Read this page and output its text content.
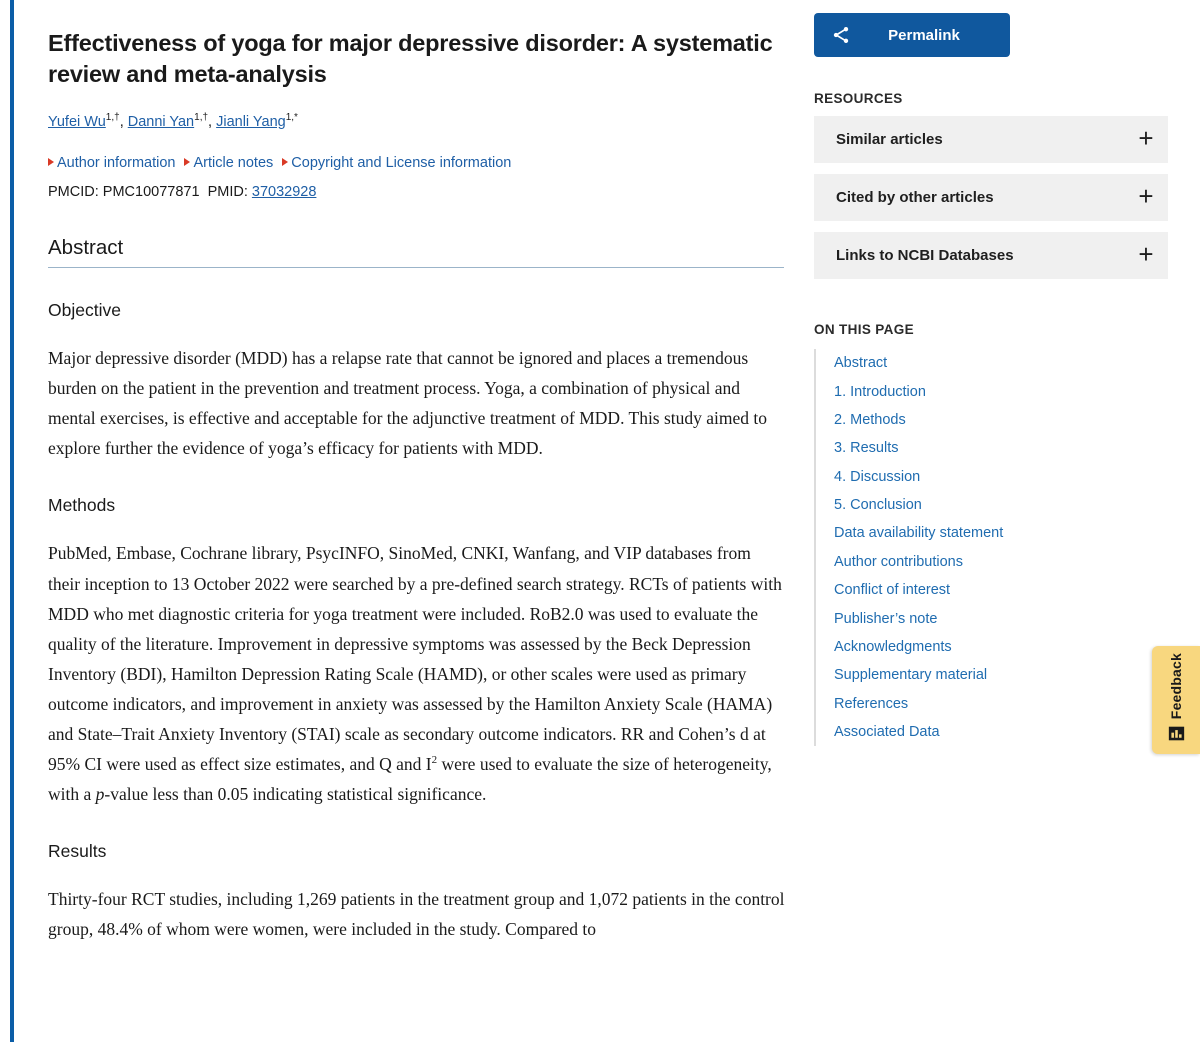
Effectiveness of yoga for major depressive disorder: A systematic review and meta-analysis
Yufei $Wu^{1,\dagger}$, Danni Yan$^{1,\dagger}$, Jianli Yang$^{1,*}$
Author information Article notes Copyright and License information
PMCID: PMC10077871 PMID: 37032928
Abstract
Objective

Major depressive disorder (MDD) has a relapse rate that cannot be ignored and places a tremendous burden on the patient in the prevention and treatment process. Yoga, a combination of physical and mental exercises, is effective and acceptable for the adjunctive treatment of MDD. This study aimed to explore further the evidence of yoga’s efficacy for patients with MDD.

Methods

PubMed, Embase, Cochrane library, PsycINFO, SinoMed, CNKI, Wanfang, and VIP databases from their inception to 13 October 2022 were searched by a pre-defined search strategy. RCTs of patients with MDD who met diagnostic criteria for yoga treatment were included. RoB2.0 was used to evaluate the quality of the literature. Improvement in depressive symptoms was assessed by the Beck Depression Inventory (BDI), Hamilton Depression Rating Scale (HAMD), or other scales were used as primary outcome indicators, and improvement in anxiety was assessed by the Hamilton Anxiety Scale (HAMA) and State–Trait Anxiety Inventory (STAI) scale as secondary outcome indicators. RR and Cohen’s d at 95% CI were used as effect size estimates, and Q and $I^2$ were used to evaluate the size of heterogeneity, with a p-value less than 0.05 indicating statistical significance.

Results

Thirty-four RCT studies, including 1,269 patients in the treatment group and 1,072 patients in the control group, 48.4% of whom were women, were included in the study. Compared to

Permalink
RESOURCES
Similar articles	+
Cited by other articles	+
Links to NCBI Databases	+
ON THIS PAGE
Abstract
1. Introduction
2. Methods
3. Results
4. Discussion
5. Conclusion
Data availability statement
Author contributions
Conflict of interest
Publisher’s note
Acknowledgments
Supplementary material
References
Associated Data
Feedback
